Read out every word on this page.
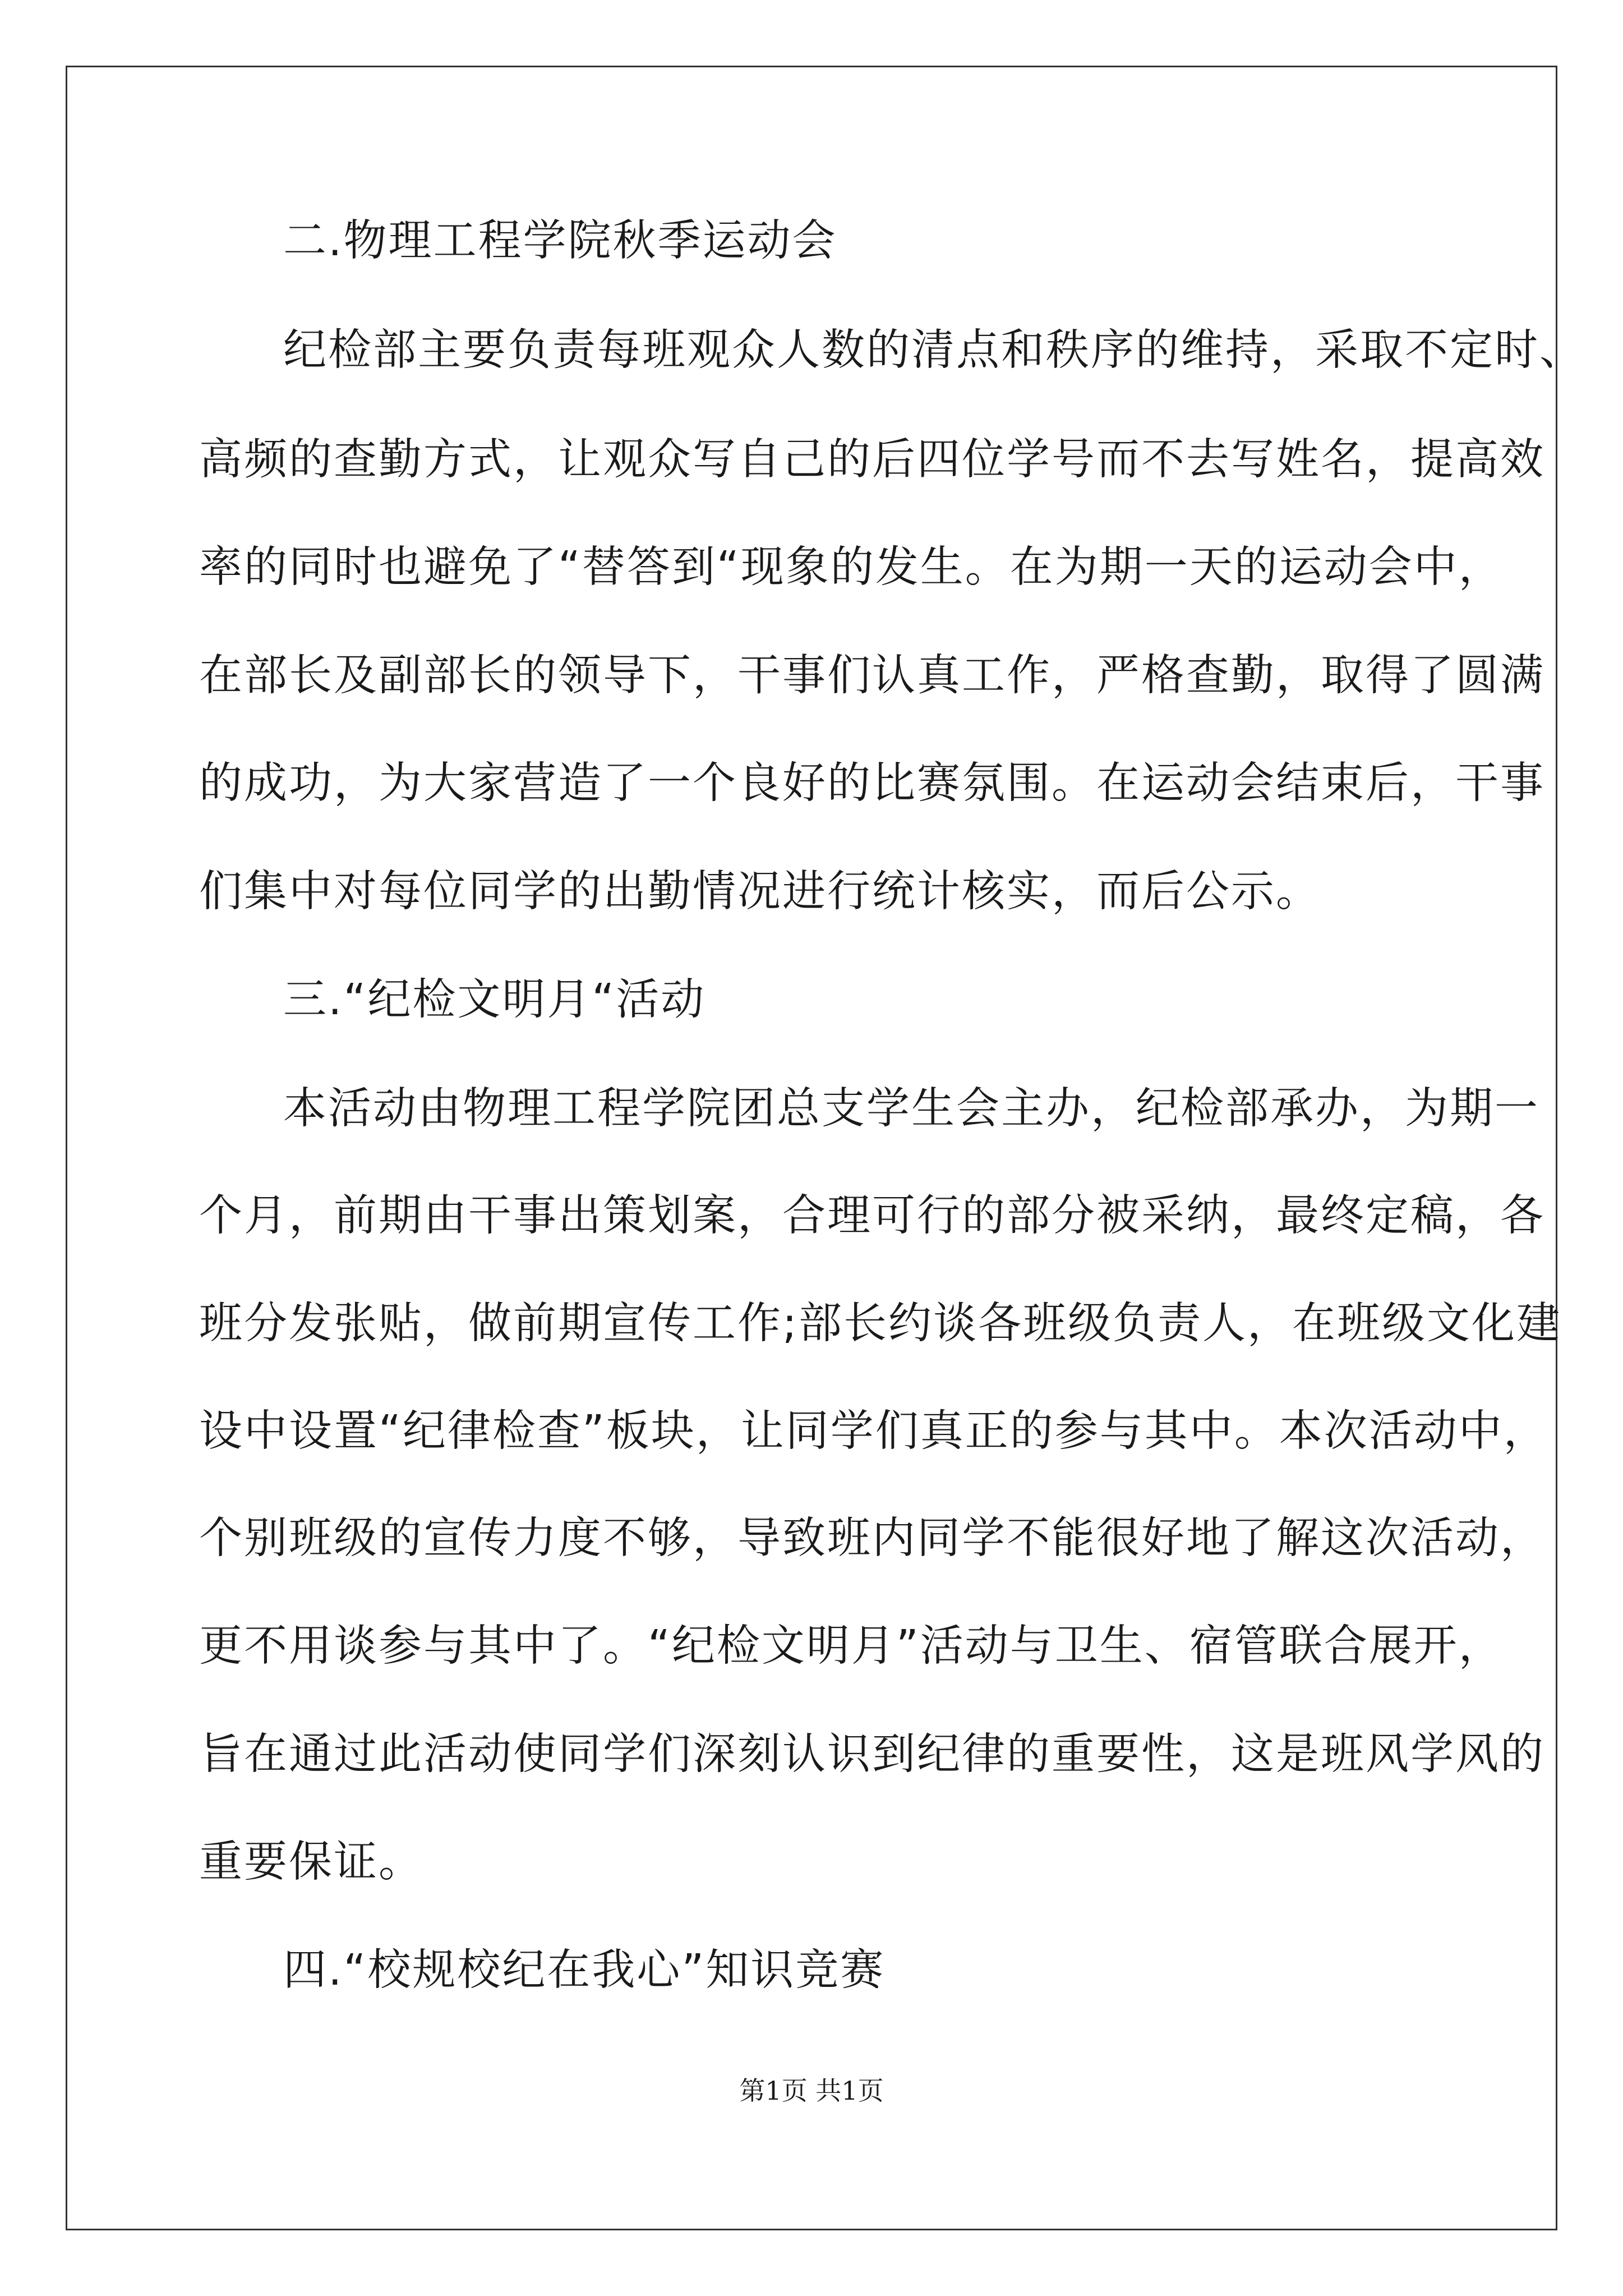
二.物理工程学院秋季运动会
纪检部主要负责每班观众人数的清点和秩序的维持，采取不定时、
高频的查勤方式，让观众写自己的后四位学号而不去写姓名，提高效
率的同时也避免了“替答到“现象的发生。在为期一天的运动会中，
在部长及副部长的领导下，干事们认真工作，严格查勤，取得了圆满
的成功，为大家营造了一个良好的比赛氛围。在运动会结束后，干事
们集中对每位同学的出勤情况进行统计核实，而后公示。
三.“纪检文明月“活动
本活动由物理工程学院团总支学生会主办，纪检部承办，为期一
个月，前期由干事出策划案，合理可行的部分被采纳，最终定稿，各
班分发张贴，做前期宣传工作;部长约谈各班级负责人，在班级文化建
设中设置“纪律检查”板块，让同学们真正的参与其中。本次活动中，
个别班级的宣传力度不够，导致班内同学不能很好地了解这次活动，
更不用谈参与其中了。“纪检文明月”活动与卫生、宿管联合展开，
旨在通过此活动使同学们深刻认识到纪律的重要性，这是班风学风的
重要保证。
四.“校规校纪在我心”知识竞赛
第1页 共1页
